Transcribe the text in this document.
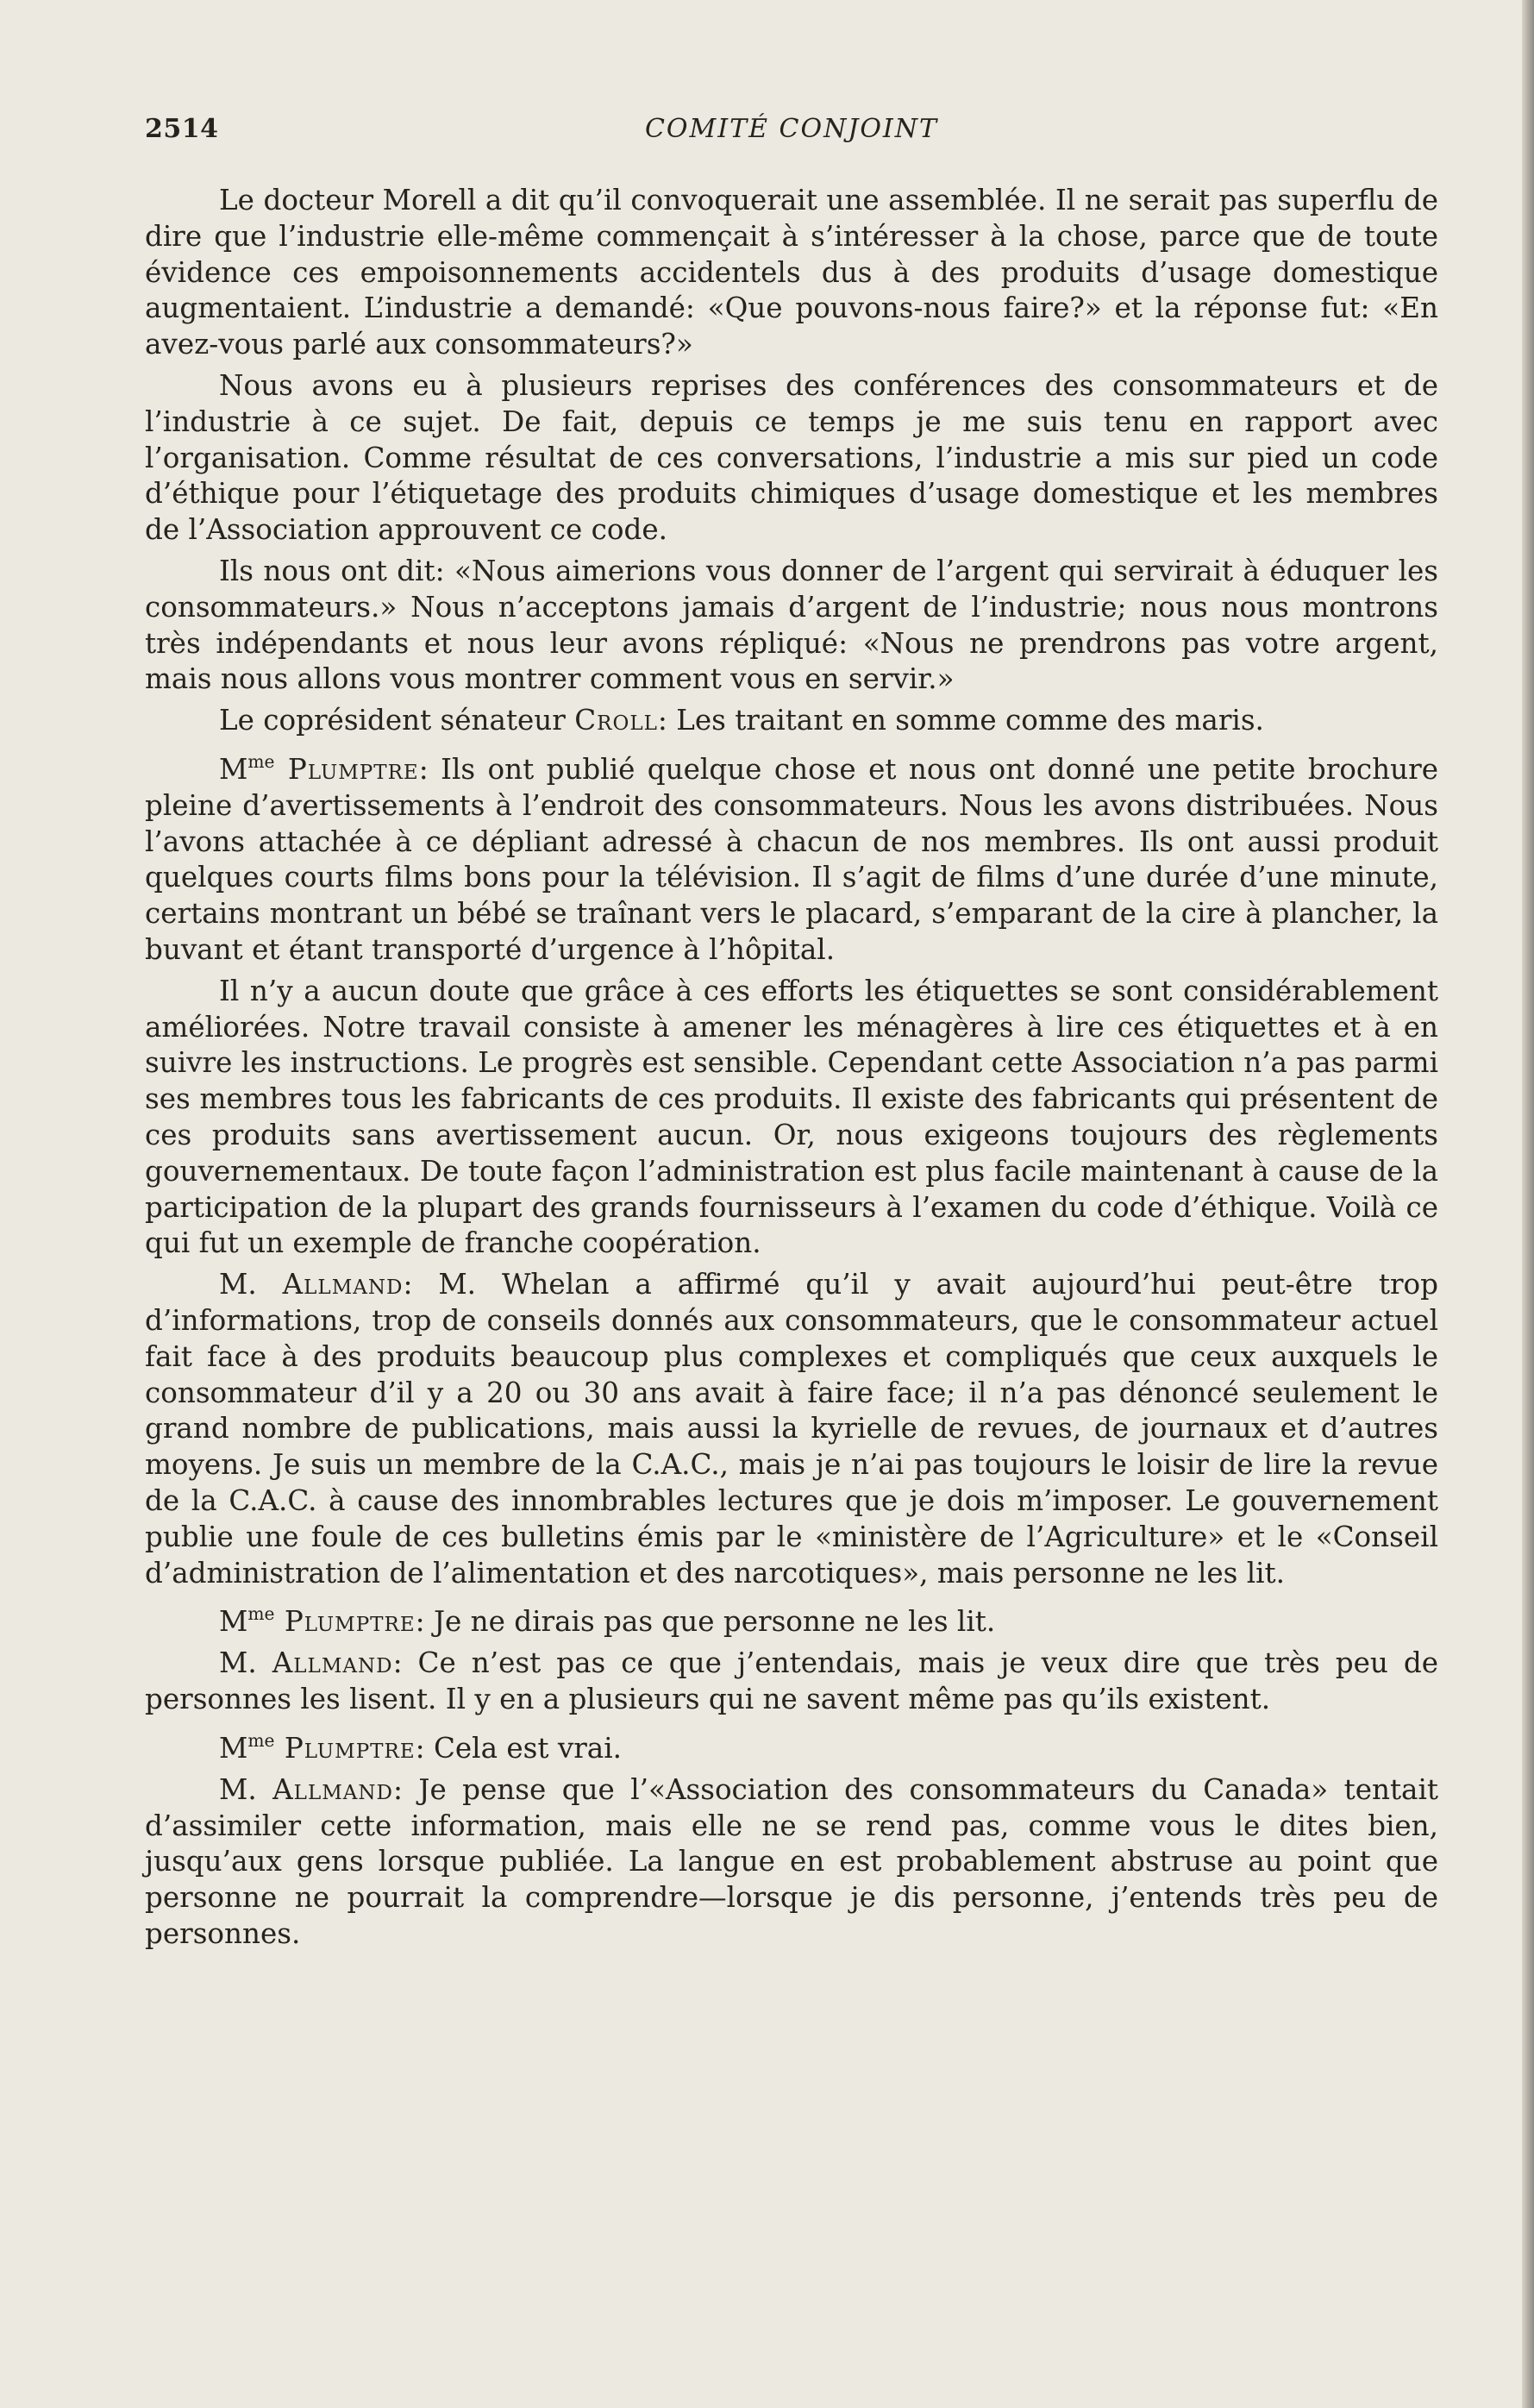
2514	COMITÉ CONJOINT

Le docteur Morell a dit qu’il convoquerait une assemblée. Il ne serait pas superflu de dire que l’industrie elle-même commençait à s’intéresser à la chose, parce que de toute évidence ces empoisonnements accidentels dus à des produits d’usage domestique augmentaient. L’industrie a demandé: «Que pouvons-nous faire?» et la réponse fut: «En avez-vous parlé aux consommateurs?»

Nous avons eu à plusieurs reprises des conférences des consommateurs et de l’industrie à ce sujet. De fait, depuis ce temps je me suis tenu en rapport avec l’organisation. Comme résultat de ces conversations, l’industrie a mis sur pied un code d’éthique pour l’étiquetage des produits chimiques d’usage domestique et les membres de l’Association approuvent ce code.

Ils nous ont dit: «Nous aimerions vous donner de l’argent qui servirait à éduquer les consommateurs.» Nous n’acceptons jamais d’argent de l’industrie; nous nous montrons très indépendants et nous leur avons répliqué: «Nous ne prendrons pas votre argent, mais nous allons vous montrer comment vous en servir.»

Le coprésident sénateur Croll: Les traitant en somme comme des maris.

$M^{me}$ Plumptre: Ils ont publié quelque chose et nous ont donné une petite brochure pleine d’avertissements à l’endroit des consommateurs. Nous les avons distribuées. Nous l’avons attachée à ce dépliant adressé à chacun de nos membres. Ils ont aussi produit quelques courts films bons pour la télévision. Il s’agit de films d’une durée d’une minute, certains montrant un bébé se traînant vers le placard, s’emparant de la cire à plancher, la buvant et étant transporté d’urgence à l’hôpital.

Il n’y a aucun doute que grâce à ces efforts les étiquettes se sont considérablement améliorées. Notre travail consiste à amener les ménagères à lire ces étiquettes et à en suivre les instructions. Le progrès est sensible. Cependant cette Association n’a pas parmi ses membres tous les fabricants de ces produits. Il existe des fabricants qui présentent de ces produits sans avertissement aucun. Or, nous exigeons toujours des règlements gouvernementaux. De toute façon l’administration est plus facile maintenant à cause de la participation de la plupart des grands fournisseurs à l’examen du code d’éthique. Voilà ce qui fut un exemple de franche coopération.

M. Allmand: M. Whelan a affirmé qu’il y avait aujourd’hui peut-être trop d’informations, trop de conseils donnés aux consommateurs, que le consommateur actuel fait face à des produits beaucoup plus complexes et compliqués que ceux auxquels le consommateur d’il y a 20 ou 30 ans avait à faire face; il n’a pas dénoncé seulement le grand nombre de publications, mais aussi la kyrielle de revues, de journaux et d’autres moyens. Je suis un membre de la C.A.C., mais je n’ai pas toujours le loisir de lire la revue de la C.A.C. à cause des innombrables lectures que je dois m’imposer. Le gouvernement publie une foule de ces bulletins émis par le «ministère de l’Agriculture» et le «Conseil d’administration de l’alimentation et des narcotiques», mais personne ne les lit.

$M^{me}$ Plumptre: Je ne dirais pas que personne ne les lit.

M. Allmand: Ce n’est pas ce que j’entendais, mais je veux dire que très peu de personnes les lisent. Il y en a plusieurs qui ne savent même pas qu’ils existent.

$M^{me}$ Plumptre: Cela est vrai.

M. Allmand: Je pense que l’«Association des consommateurs du Canada» tentait d’assimiler cette information, mais elle ne se rend pas, comme vous le dites bien, jusqu’aux gens lorsque publiée. La langue en est probablement abstruse au point que personne ne pourrait la comprendre—lorsque je dis personne, j’entends très peu de personnes.
